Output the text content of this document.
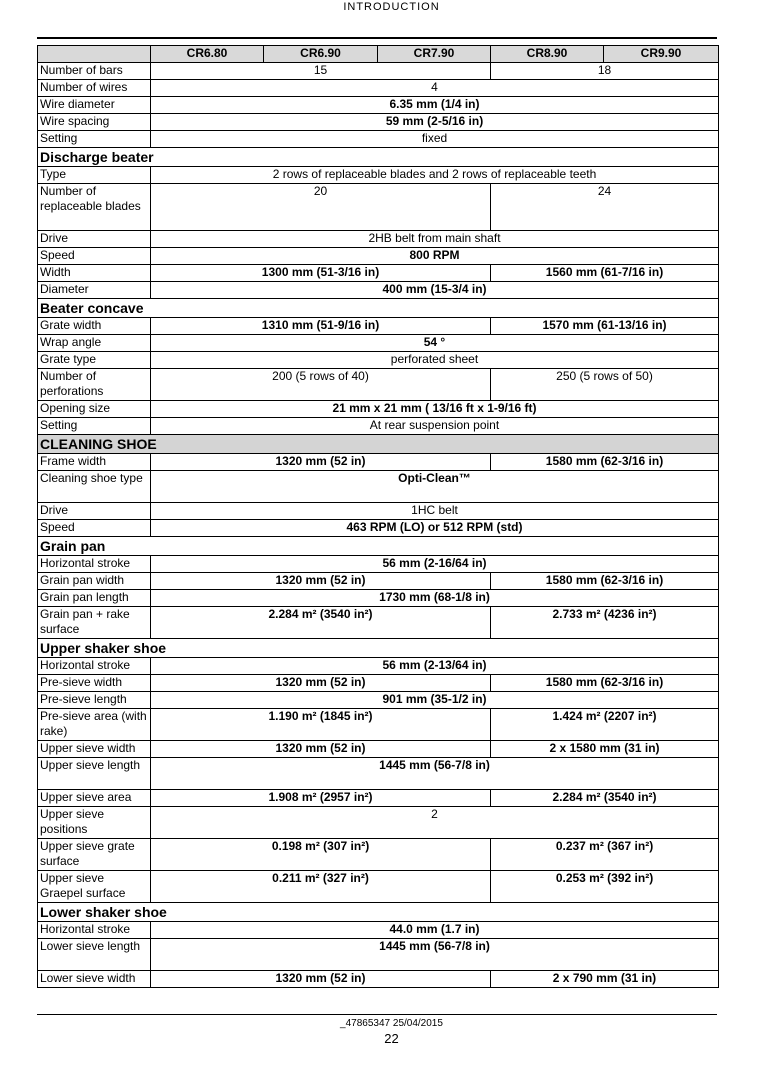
INTRODUCTION
	CR6.80	CR6.90	CR7.90	CR8.90	CR9.90
Number of bars	15			18	
Number of wires	4				
Wire diameter	6.35 mm (1/4 in)				
Wire spacing	59 mm (2-5/16 in)				
Setting	fixed				
Discharge beater					
Type	2 rows of replaceable blades and 2 rows of replaceable teeth				
Number of replaceable blades	20			24	
Drive	2HB belt from main shaft				
Speed	800 RPM				
Width	1300 mm (51-3/16 in)			1560 mm (61-7/16 in)	
Diameter	400 mm (15-3/4 in)				
Beater concave					
Grate width	1310 mm (51-9/16 in)			1570 mm (61-13/16 in)	
Wrap angle	54 °				
Grate type	perforated sheet				
Number of perforations	200 (5 rows of 40)			250 (5 rows of 50)	
Opening size	21 mm x 21 mm ( 13/16 ft x 1-9/16 ft)				
Setting	At rear suspension point				
CLEANING SHOE					
Frame width	1320 mm (52 in)			1580 mm (62-3/16 in)	
Cleaning shoe type	Opti-Clean™				
Drive	1HC belt				
Speed	463 RPM (LO) or 512 RPM (std)				
Grain pan					
Horizontal stroke	56 mm (2-16/64 in)				
Grain pan width	1320 mm (52 in)			1580 mm (62-3/16 in)	
Grain pan length	1730 mm (68-1/8 in)				
Grain pan + rake surface	2.284 m² (3540 in²)			2.733 m² (4236 in²)	
Upper shaker shoe					
Horizontal stroke	56 mm (2-13/64 in)				
Pre-sieve width	1320 mm (52 in)			1580 mm (62-3/16 in)	
Pre-sieve length	901 mm (35-1/2 in)				
Pre-sieve area (with rake)	1.190 m² (1845 in²)			1.424 m² (2207 in²)	
Upper sieve width	1320 mm (52 in)			2 x 1580 mm (31 in)	
Upper sieve length	1445 mm (56-7/8 in)				
Upper sieve area	1.908 m² (2957 in²)			2.284 m² (3540 in²)	
Upper sieve positions	2				
Upper sieve grate surface	0.198 m² (307 in²)			0.237 m² (367 in²)	
Upper sieve Graepel surface	0.211 m² (327 in²)			0.253 m² (392 in²)	
Lower shaker shoe					
Horizontal stroke	44.0 mm (1.7 in)				
Lower sieve length	1445 mm (56-7/8 in)				
Lower sieve width	1320 mm (52 in)			2 x 790 mm (31 in)	
_47865347 25/04/2015
22
